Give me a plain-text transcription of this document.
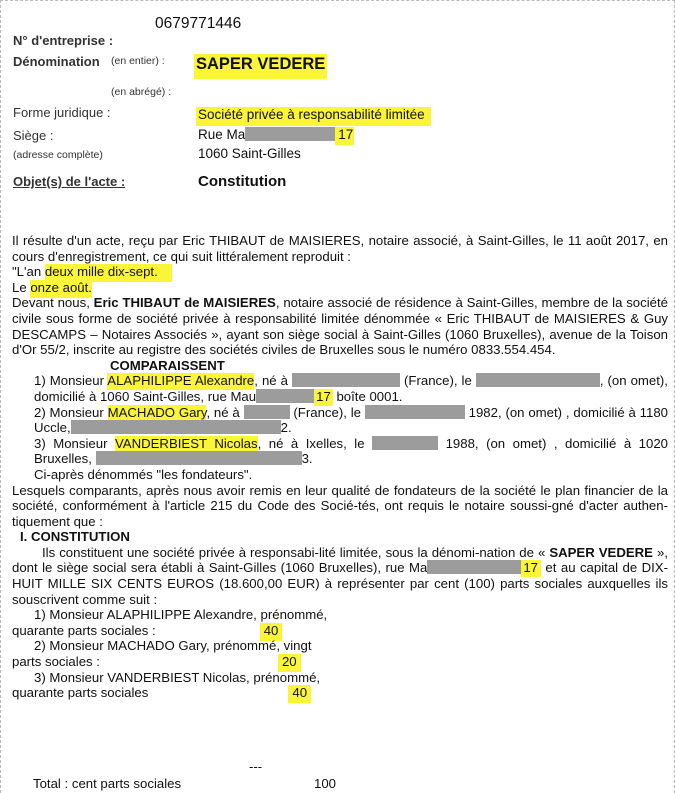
0679771446
N° d'entreprise :
Dénomination (en entier) : SAPER VEDERE
(en abrégé) :
Forme juridique :	Société privée à responsabilité limitée
Siège :	Rue Ma	17
(adresse complète)	1060 Saint-Gilles
Objet(s) de l'acte :	Constitution

Il résulte d'un acte, reçu par Eric THIBAUT de MAISIERES, notaire associé, à Saint-Gilles, le 11 août 2017, en cours d'enregistrement, ce qui suit littéralement reproduit :

"L'an deux mille dix-sept.

Le onze août.

Devant nous, Eric THIBAUT de MAISIERES, notaire associé de résidence à Saint-Gilles, membre de la société civile sous forme de société privée à responsabilité limitée dénommée « Eric THIBAUT de MAISIERES & Guy DESCAMPS – Notaires Associés », ayant son siège social à Saint-Gilles (1060 Bruxelles), avenue de la Toison d'Or 55/2, inscrite au registre des sociétés civiles de Bruxelles sous le numéro 0833.554.454.

COMPARAISSENT

1) Monsieur ALAPHILIPPE Alexandre, né à	(France), le	, (on omet), domicilié à 1060 Saint-Gilles, rue Mau	17 boîte 0001.

2) Monsieur MACHADO Gary, né à	(France), le	1982, (on omet) , domicilié à 1180 Uccle,	2.

3) Monsieur VANDERBIEST Nicolas, né à Ixelles, le	1988, (on omet) , domicilié à 1020 Bruxelles,	3.

Ci-après dénommés "les fondateurs".

Lesquels comparants, après nous avoir remis en leur qualité de fondateurs de la société le plan financier de la société, conformément à l'article 215 du Code des Socié-tés, ont requis le notaire soussi-gné d'acter authen-tiquement que :

I. CONSTITUTION

Ils constituent une société privée à responsabi-lité limitée, sous la dénomi-nation de « SAPER VEDERE », dont le siège social sera établi à Saint-Gilles (1060 Bruxelles), rue Ma	17 et au capital de DIX-HUIT MILLE SIX CENTS EUROS (18.600,00 EUR) à représenter par cent (100) parts sociales auxquelles ils souscrivent comme suit :

1) Monsieur ALAPHILIPPE Alexandre, prénommé,

quarante parts sociales :	40

2) Monsieur MACHADO Gary, prénommé, vingt

parts sociales :	20

3) Monsieur VANDERBIEST Nicolas, prénommé,

quarante parts sociales	40

---
Total : cent parts sociales	100
